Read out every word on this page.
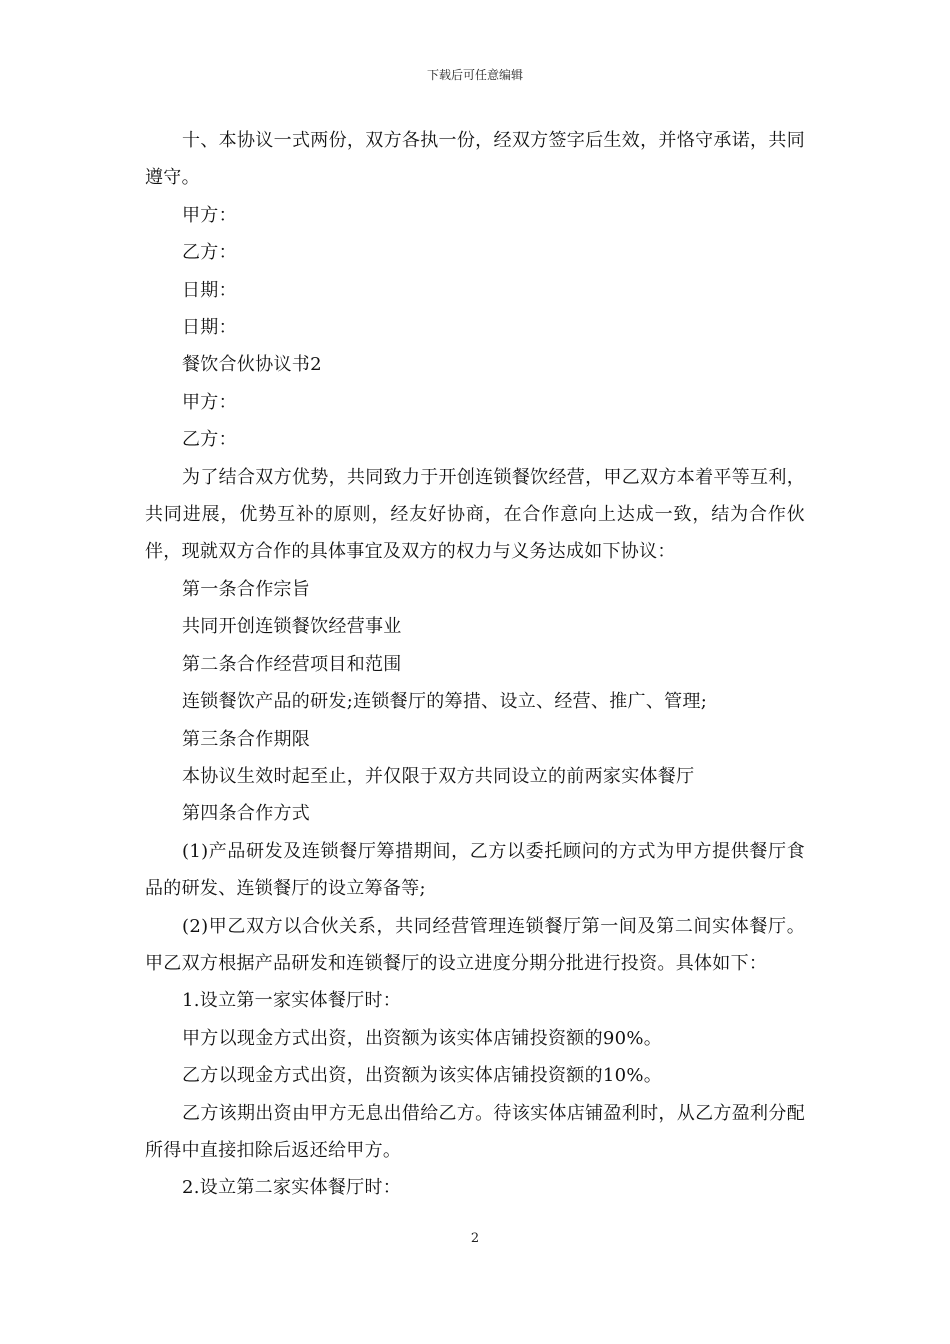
下载后可任意编辑

十、本协议一式两份，双方各执一份，经双方签字后生效，并恪守承诺，共同遵守。

甲方：

乙方：

日期：

日期：

餐饮合伙协议书2

甲方：

乙方：

为了结合双方优势，共同致力于开创连锁餐饮经营，甲乙双方本着平等互利，共同进展，优势互补的原则，经友好协商，在合作意向上达成一致，结为合作伙伴，现就双方合作的具体事宜及双方的权力与义务达成如下协议：

第一条合作宗旨

共同开创连锁餐饮经营事业

第二条合作经营项目和范围

连锁餐饮产品的研发;连锁餐厅的筹措、设立、经营、推广、管理;

第三条合作期限

本协议生效时起至止，并仅限于双方共同设立的前两家实体餐厅

第四条合作方式

(1)产品研发及连锁餐厅筹措期间，乙方以委托顾问的方式为甲方提供餐厅食品的研发、连锁餐厅的设立筹备等;

(2)甲乙双方以合伙关系，共同经营管理连锁餐厅第一间及第二间实体餐厅。甲乙双方根据产品研发和连锁餐厅的设立进度分期分批进行投资。具体如下：

1.设立第一家实体餐厅时：

甲方以现金方式出资，出资额为该实体店铺投资额的90%。

乙方以现金方式出资，出资额为该实体店铺投资额的10%。

乙方该期出资由甲方无息出借给乙方。待该实体店铺盈利时，从乙方盈利分配所得中直接扣除后返还给甲方。

2.设立第二家实体餐厅时：

2
